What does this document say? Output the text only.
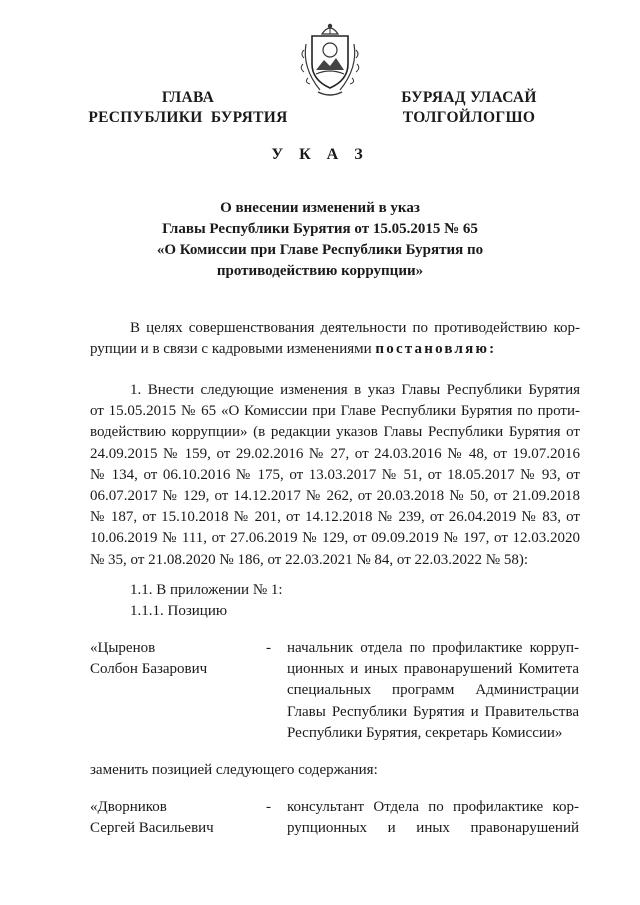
ГЛАВА
РЕСПУБЛИКИ  БУРЯТИЯ
БУРЯАД УЛАСАЙ
ТОЛГОЙЛОГШО
У К А З
О внесении изменений в указ
Главы Республики Бурятия от 15.05.2015 № 65
«О Комиссии при Главе Республики Бурятия по
противодействию коррупции»
В целях совершенствования деятельности по противодействию кор-
рупции и в связи с кадровыми изменениями постановляю:
1. Внести следующие изменения в указ Главы Республики Бурятия
от 15.05.2015 № 65 «О Комиссии при Главе Республики Бурятия по проти-
водействию коррупции» (в редакции указов Главы Республики Бурятия от
24.09.2015 № 159, от 29.02.2016 № 27, от 24.03.2016 № 48, от 19.07.2016
№ 134, от 06.10.2016 № 175, от 13.03.2017 № 51, от 18.05.2017 № 93, от
06.07.2017 № 129, от 14.12.2017 № 262, от 20.03.2018 № 50, от 21.09.2018
№ 187, от 15.10.2018 № 201, от 14.12.2018 № 239, от 26.04.2019 № 83, от
10.06.2019 № 111, от 27.06.2019 № 129, от 09.09.2019 № 197, от 12.03.2020
№ 35, от 21.08.2020 № 186, от 22.03.2021 № 84, от 22.03.2022 № 58):
1.1. В приложении № 1:
1.1.1. Позицию
«Цыренов
Солбон Базарович
- начальник отдела по профилактике корруп-
ционных и иных правонарушений Комитета
специальных программ Администрации
Главы Республики Бурятия и Правительства
Республики Бурятия, секретарь Комиссии»
заменить позицией следующего содержания:
«Дворников
Сергей Васильевич
- консультант Отдела по профилактике кор-
рупционных и иных правонарушений
